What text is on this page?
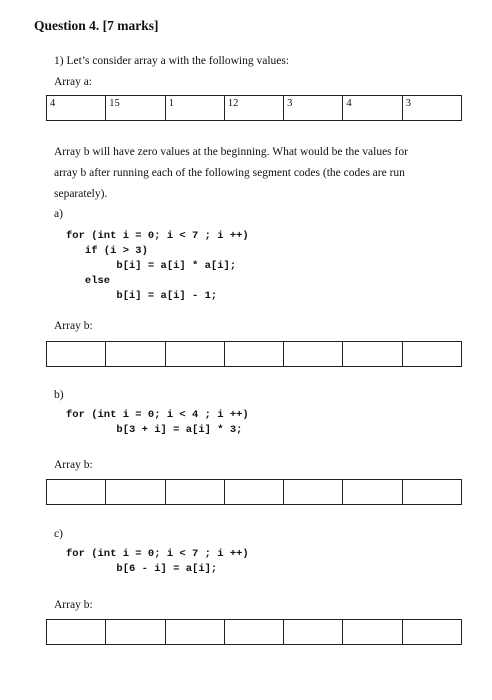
Question 4. [7 marks]
1) Let’s consider array a with the following values:
Array a:
4	15	1	12	3	4	3
Array b will have zero values at the beginning. What would be the values for array b after running each of the following segment codes (the codes are run separately).
a)
for (int i = 0; i < 7 ; i ++)
if (i > 3)
b[i] = a[i] * a[i];
else
b[i] = a[i] - 1;
Array b:

b)
for (int i = 0; i < 4 ; i ++)
b[3 + i] = a[i] * 3;
Array b:

c)
for (int i = 0; i < 7 ; i ++)
b[6 - i] = a[i];
Array b:
